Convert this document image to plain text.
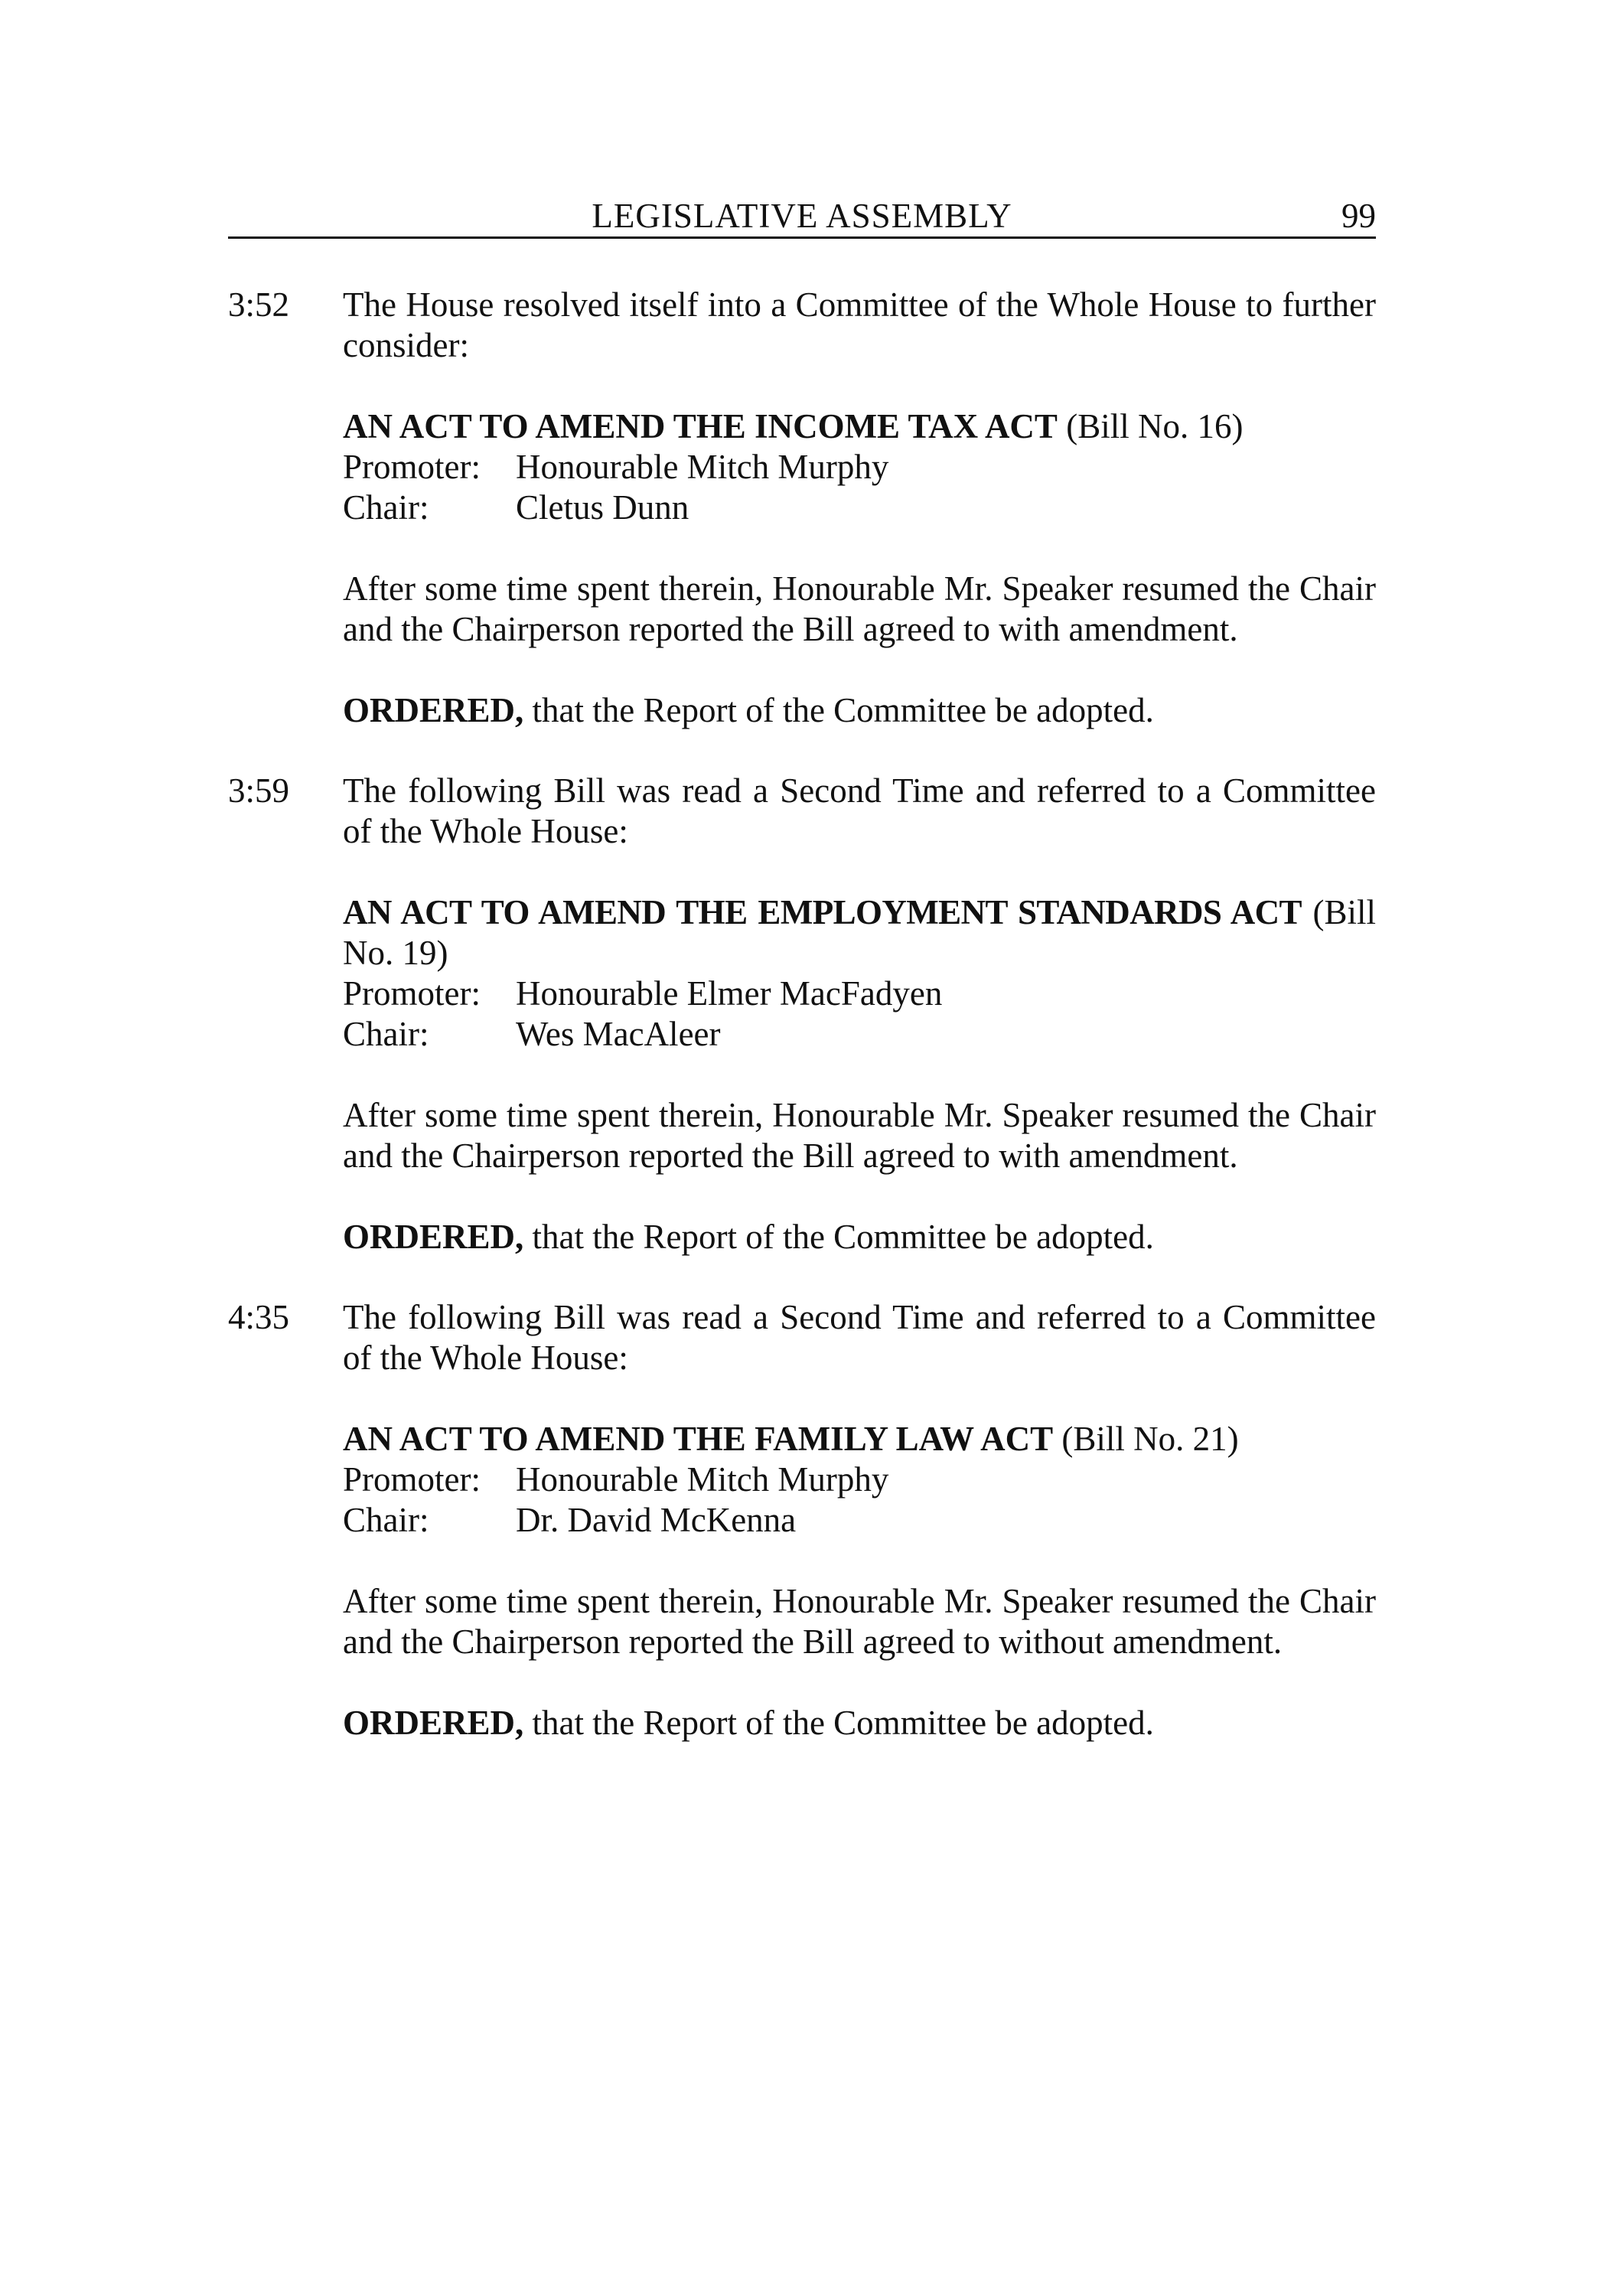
LEGISLATIVE ASSEMBLY	99
3:52 The House resolved itself into a Committee of the Whole House to further consider:

AN ACT TO AMEND THE INCOME TAX ACT (Bill No. 16)

Promoter:	Honourable Mitch Murphy
Chair:	Cletus Dunn

After some time spent therein, Honourable Mr. Speaker resumed the Chair and the Chairperson reported the Bill agreed to with amendment.

ORDERED, that the Report of the Committee be adopted.

3:59 The following Bill was read a Second Time and referred to a Committee of the Whole House:

AN ACT TO AMEND THE EMPLOYMENT STANDARDS ACT (Bill No. 19)

Promoter:	Honourable Elmer MacFadyen
Chair:	Wes MacAleer

After some time spent therein, Honourable Mr. Speaker resumed the Chair and the Chairperson reported the Bill agreed to with amendment.

ORDERED, that the Report of the Committee be adopted.

4:35 The following Bill was read a Second Time and referred to a Committee of the Whole House:

AN ACT TO AMEND THE FAMILY LAW ACT (Bill No. 21)

Promoter:	Honourable Mitch Murphy
Chair:	Dr. David McKenna

After some time spent therein, Honourable Mr. Speaker resumed the Chair and the Chairperson reported the Bill agreed to without amendment.

ORDERED, that the Report of the Committee be adopted.
